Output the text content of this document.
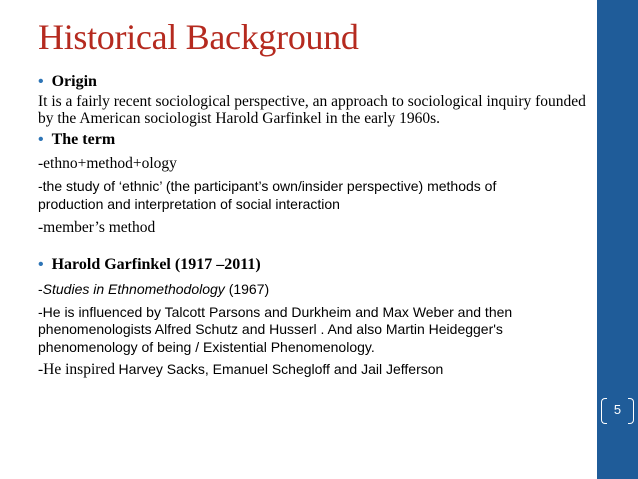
5
Historical Background
• Origin
It is a fairly recent sociological perspective, an approach to sociological inquiry founded by the American sociologist Harold Garfinkel in the early 1960s.
• The term
-ethno+method+ology
-the study of ‘ethnic’ (the participant’s own/insider perspective) methods of production and interpretation of social interaction
-member’s method
• Harold Garfinkel (1917 –2011)
-Studies in Ethnomethodology (1967)
-He is influenced by Talcott Parsons and Durkheim and Max Weber and then phenomenologists Alfred Schutz and Husserl . And also Martin Heidegger's phenomenology of being / Existential Phenomenology.
-He inspired Harvey Sacks, Emanuel Schegloff and Jail Jefferson
